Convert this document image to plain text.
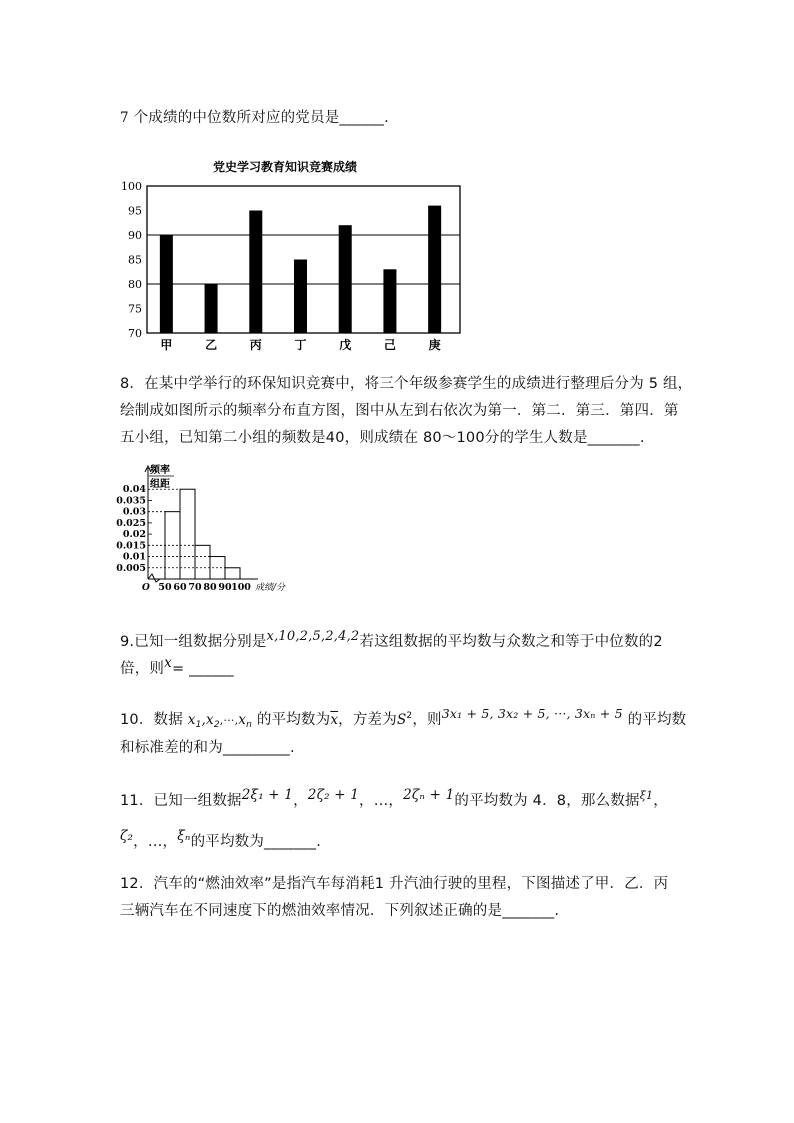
7 个成绩的中位数所对应的党员是______.
党史学习教育知识竞赛成绩
100
95
90
85
80
75
70
甲	乙	丙	丁	戊	己	庚
8．在某中学举行的环保知识竞赛中，将三个年级参赛学生的成绩进行整理后分为 5 组，
绘制成如图所示的频率分布直方图，图中从左到右依次为第一．第二．第三．第四．第
五小组，已知第二小组的频数是40，则成绩在 80～100分的学生人数是_______.
频率
组距
0.04
0.035
0.03
0.025
0.02
0.015
0.01
0.005
50 60 70 80 90 100
O	成绩/分
9.已知一组数据分别是x,10,2,5,2,4,2若这组数据的平均数与众数之和等于中位数的2
倍，则x= ______
10．数据 $x_1,x_2,\cdot\cdot\cdot,x_n$ 的平均数为$\overline{x}$，方差为$S^2$，则3x₁ + 5, 3x₂ + 5, ···, 3xₙ + 5 的平均数
和标准差的和为_________.
11．已知一组数据2ξ₁ + 1，2ζ₂ + 1，…，2ζₙ + 1的平均数为 4．8，那么数据$^{\xi 1}$，
ζ₂，…，ξₙ的平均数为_______.
12．汽车的“燃油效率”是指汽车每消耗1 升汽油行驶的里程，下图描述了甲．乙．丙
三辆汽车在不同速度下的燃油效率情况．下列叙述正确的是_______.
